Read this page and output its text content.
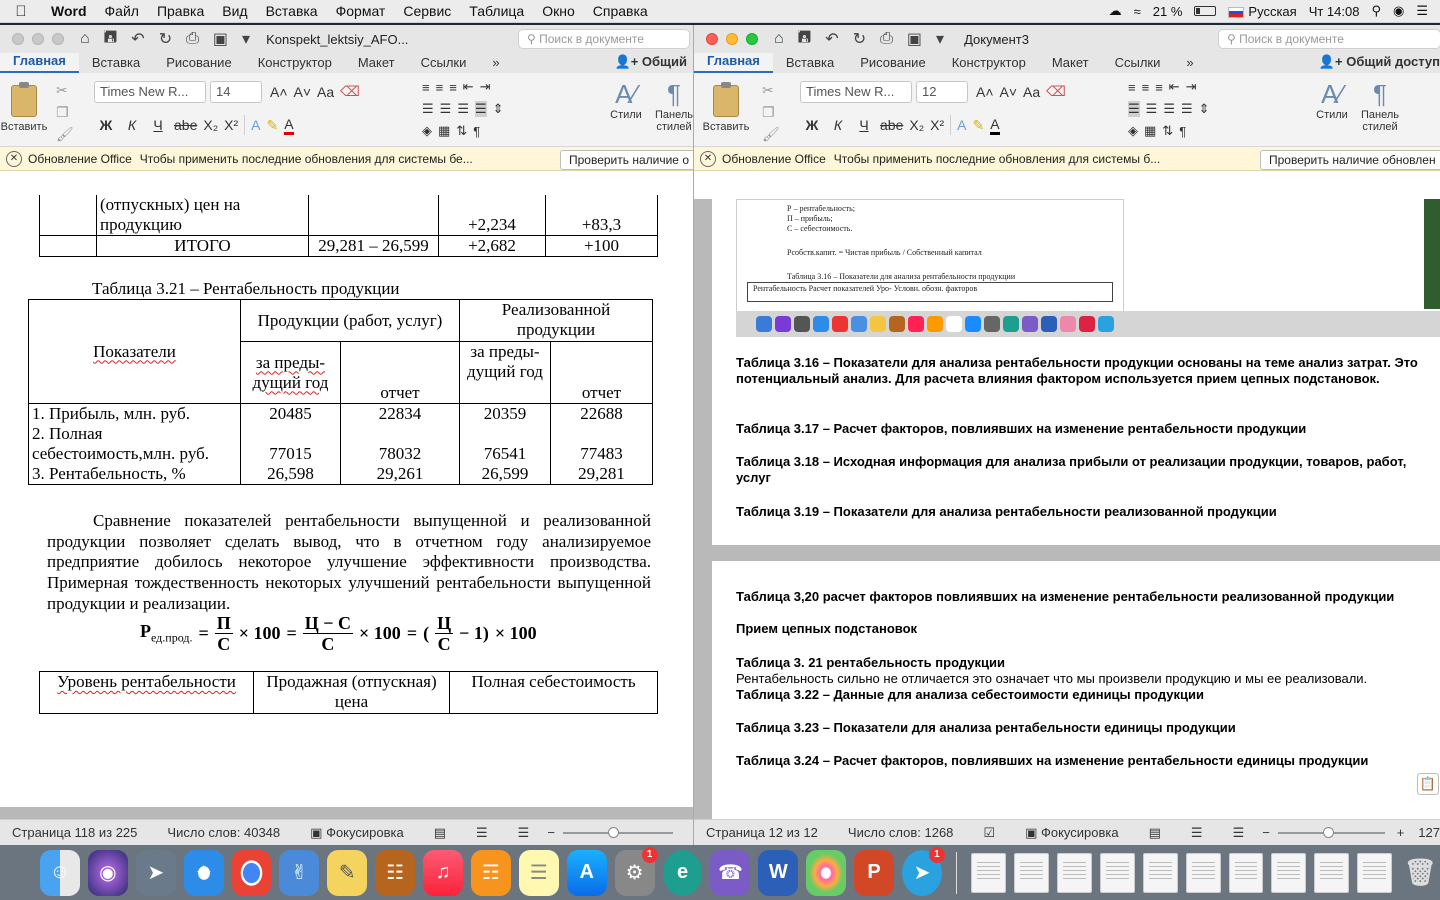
Word	Файл	Правка	Вид	Вставка	Формат	Сервис	Таблица	Окно	Справка	☁ ≈ 21 %	Русская Чт 14:08 ⚲ ◉ ☰
⌂ 🖪 ↶ ↻ ⎙ ▣ ▾ Konspekt_lektsiy_AFO...	⚲ Поиск в документе
Главная	Вставка	Рисование	Конструктор	Макет	Ссылки	»	👤+ Общий
Вставить
✂
❐
🖌
Times New R...	14	A˄ A˅ Aa ⌫
Ж	К	Ч abe X₂ X² A ✎ A
≡ ≡ ≡ ⇤ ⇥
☰ ☰ ☰ ☰ ⇕
◈ ▦ ⇅ ¶
A⁄
Стили
¶
Панель стилей
✕ Обновление Office Чтобы применить последние обновления для системы бе...	Проверить наличие о
	(отпускных) цен на продукцию		+2,234	+83,3
	ИТОГО	29,281 – 26,599	+2,682	+100
Таблица 3.21 – Рентабельность продукции
Показатели	Продукции (работ, услуг)		Реализованной продукции	
	за преды-дущий год	отчет	за преды-дущий год	отчет
1. Прибыль, млн. руб.	20485	22834	20359	22688
2. Полная себестоимость,млн. руб.	77015	78032	76541	77483
3. Рентабельность, %	26,598	29,261	26,599	29,281
Сравнение показателей рентабельности выпущенной и реализованной продукции позволяет сделать вывод, что в отчетном году анализируемое предприятие добилось некоторое улучшение эффективности производства. Примерная тождественность некоторых улучшений рентабельности выпущенной продукции и реализации.
$Р_{ед.прод.} = \frac{П}{С} \times 100 = \frac{Ц - С}{С} \times 100$ = ( $\frac{Ц}{С} - 1) \times 100$
Уровень рентабельности	Продажная (отпускная) цена	Полная себестоимость
Страница 118 из 225 Число слов: 40348 ▣ Фокусировка ▤ ☰ ☰ −
⌂ 🖪 ↶ ↻ ⎙ ▣ ▾ Документ3	⚲ Поиск в документе
Главная	Вставка	Рисование	Конструктор	Макет	Ссылки	»	👤+ Общий доступ
Вставить
✂
❐
🖌
Times New R...	12	A˄ A˅ Aa ⌫
Ж	К	Ч abe X₂ X² A ✎ A
≡ ≡ ≡ ⇤ ⇥
☰ ☰ ☰ ☰ ⇕
◈ ▦ ⇅ ¶
A⁄
Стили
¶
Панель стилей
✕ Обновление Office Чтобы применить последние обновления для системы б...	Проверить наличие обновлен
Р – рентабельность;
П – прибыль;
С – себестоимость.
Рсобств.капит. = Чистая прибыль / Собственный капитал
Таблица 3.16 – Показатели для анализа рентабельности продукции
Рентабельность Расчет показателей Уро- Условн. обозн. факторов
Таблица 3.16 – Показатели для анализа рентабельности продукции основаны на теме анализ затрат. Это потенциальный анализ. Для расчета влияния фактором используется прием цепных подстановок.
Таблица 3.17 – Расчет факторов, повлиявших на изменение рентабельности продукции
Таблица 3.18 – Исходная информация для анализа прибыли от реализации продукции, товаров, работ, услуг
Таблица 3.19 – Показатели для анализа рентабельности реализованной продукции
Таблица 3,20 расчет факторов повлиявших на изменение рентабельности реализованной продукции
Прием цепных подстановок
Таблица 3. 21 рентабельность продукции
Рентабельность сильно не отличается это означает что мы произвели продукцию и мы ее реализовали.
Таблица 3.22 – Данные для анализа себестоимости единицы продукции
Таблица 3.23 – Показатели для анализа рентабельности единицы продукции
Таблица 3.24 – Расчет факторов, повлиявших на изменение рентабельности единицы продукции
📋
Страница 12 из 12 Число слов: 1268 ☑ ▣ Фокусировка ▤ ☰ ☰ −	+ 127
☺	◉	➤	✦	✌	✎	☷	♫	☶	☰	A	⚙
1
e	☎	W	P	➤
1
🗑
